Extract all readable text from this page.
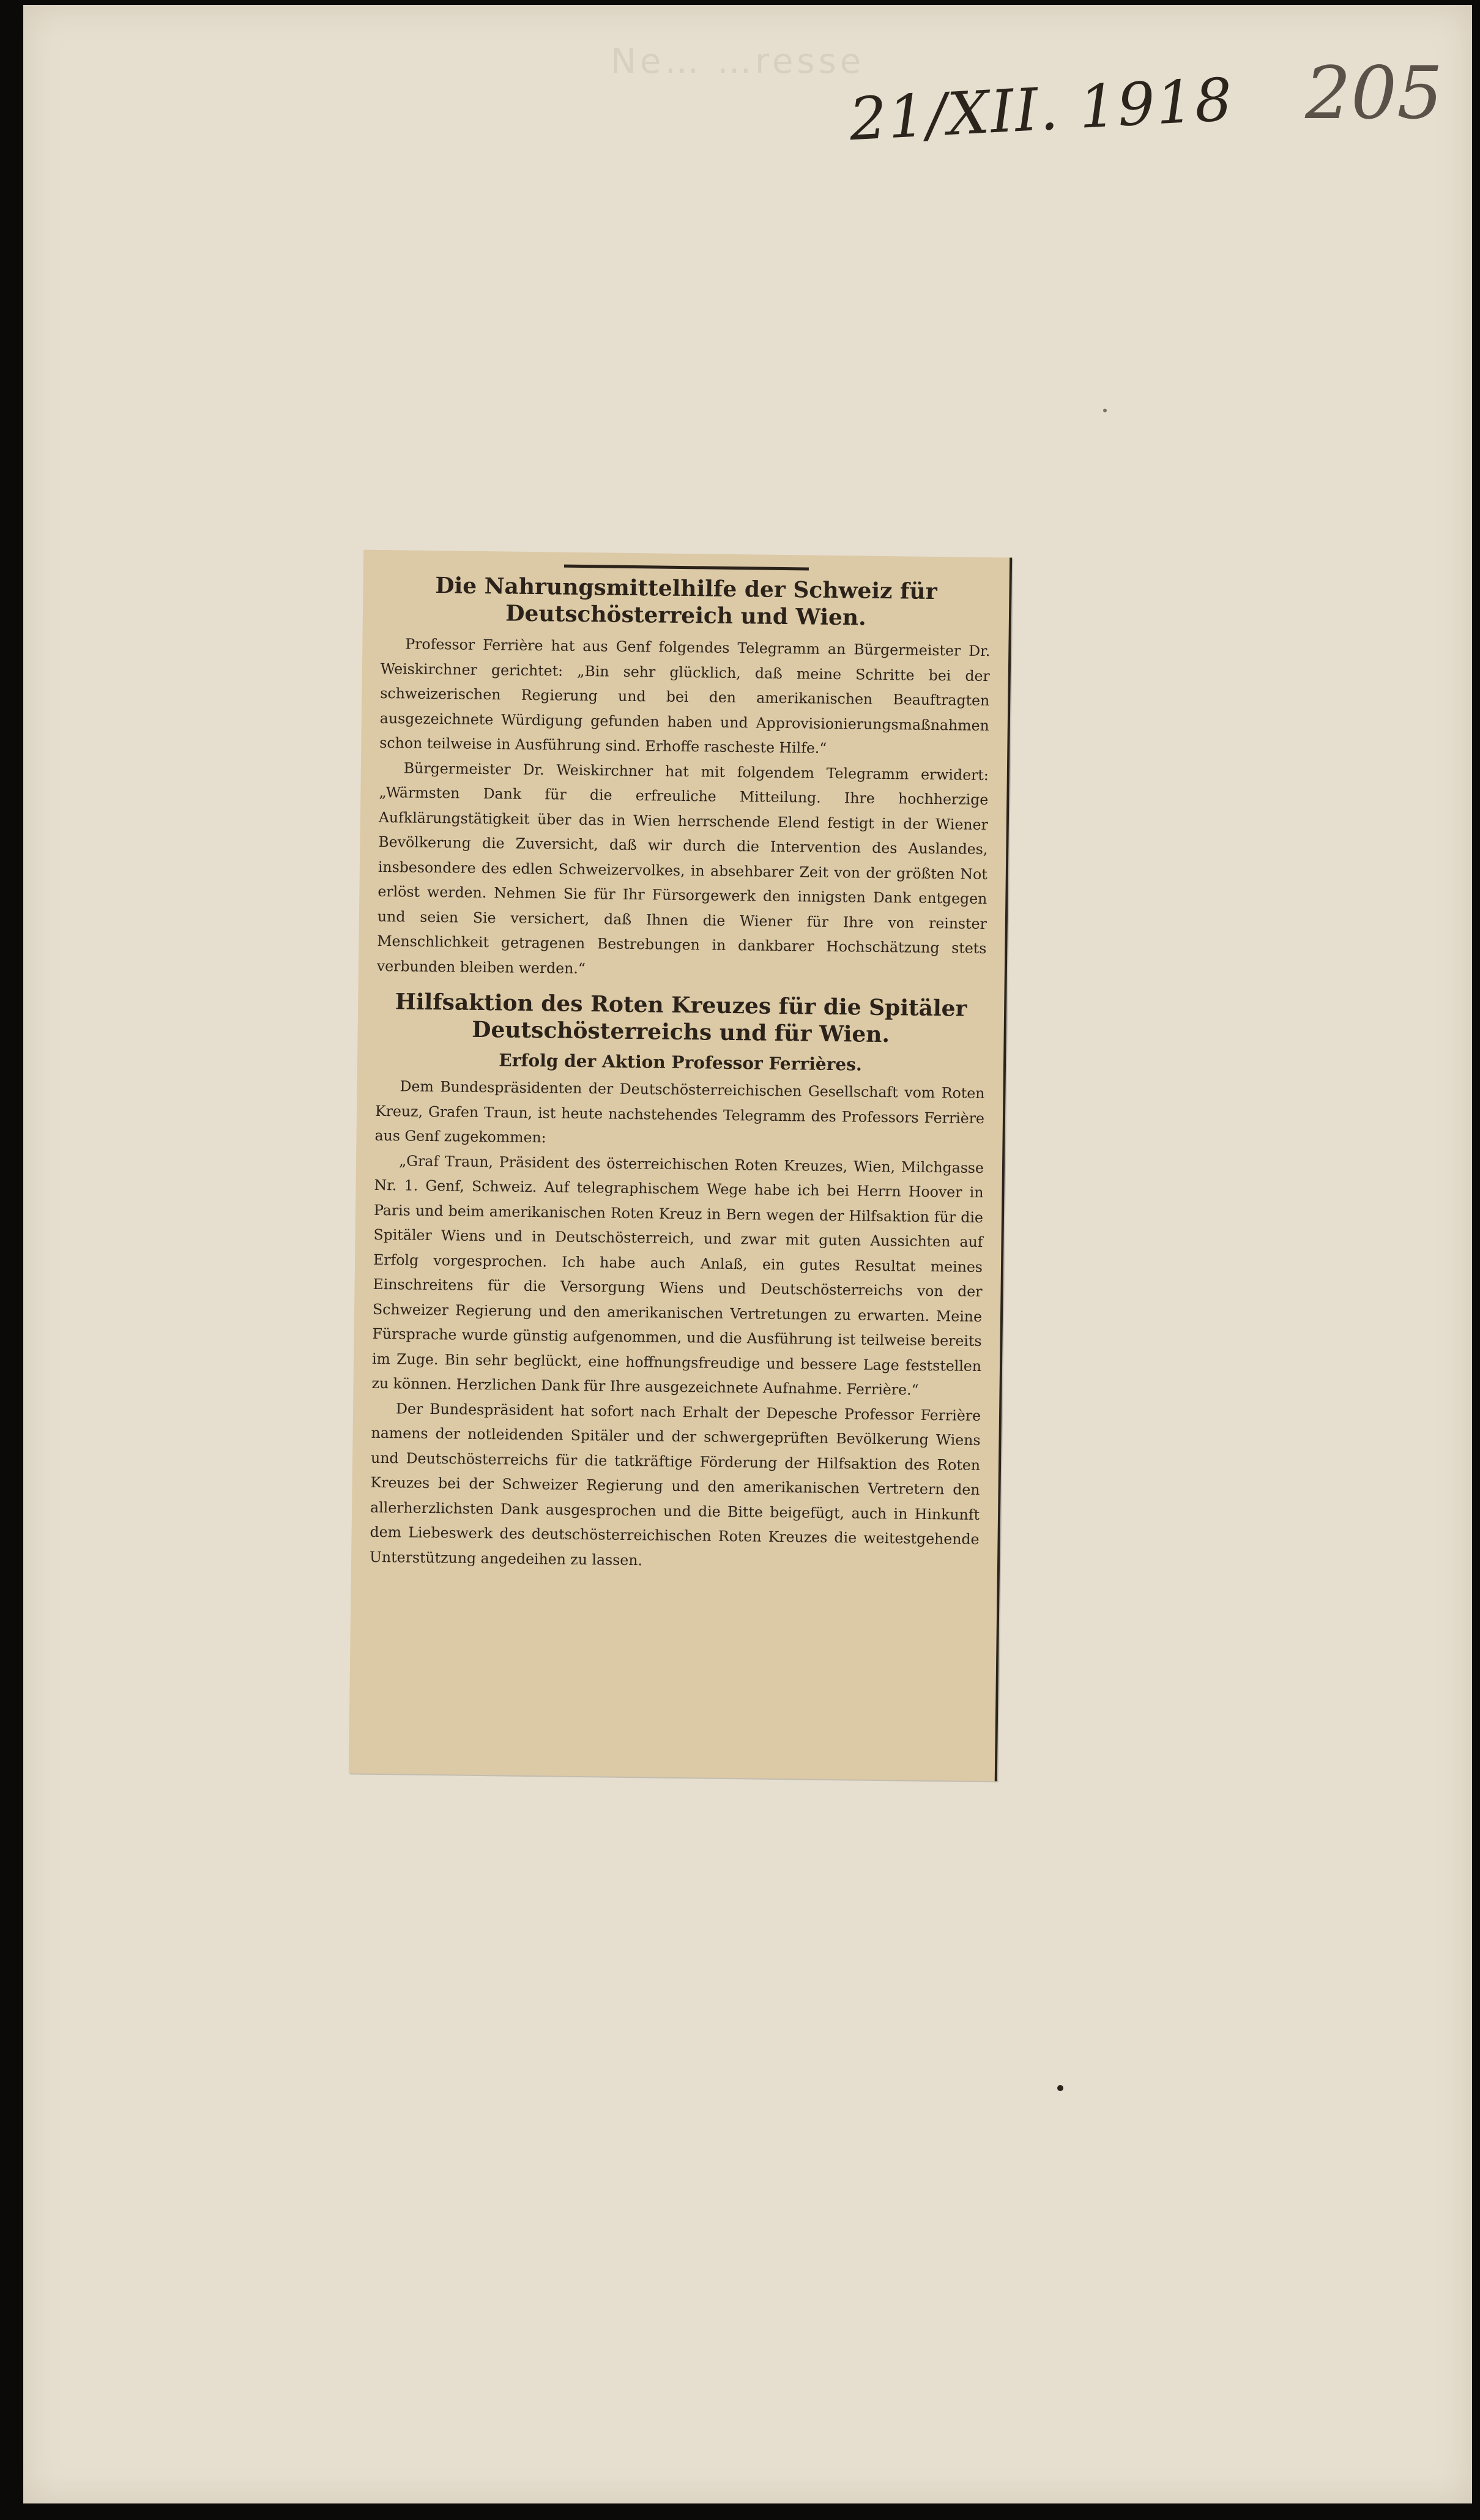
Ne… …resse
21/XII. 1918 205
Die Nahrungsmittelhilfe der Schweiz für
Deutschösterreich und Wien.

Professor Ferrière hat aus Genf folgendes Telegramm an Bürgermeister Dr. Weiskirchner gerichtet: „Bin sehr glücklich, daß meine Schritte bei der schweizerischen Regierung und bei den amerikanischen Beauftragten ausgezeichnete Würdigung gefunden haben und Approvisionierungsmaßnahmen schon teilweise in Ausführung sind. Erhoffe rascheste Hilfe.“

Bürgermeister Dr. Weiskirchner hat mit folgendem Telegramm erwidert: „Wärmsten Dank für die erfreuliche Mitteilung. Ihre hochherzige Aufklärungstätigkeit über das in Wien herrschende Elend festigt in der Wiener Bevölkerung die Zuversicht, daß wir durch die Intervention des Auslandes, insbesondere des edlen Schweizervolkes, in absehbarer Zeit von der größten Not erlöst werden. Nehmen Sie für Ihr Fürsorgewerk den innigsten Dank entgegen und seien Sie versichert, daß Ihnen die Wiener für Ihre von reinster Menschlichkeit getragenen Bestrebungen in dankbarer Hochschätzung stets verbunden bleiben werden.“

Hilfsaktion des Roten Kreuzes für die Spitäler
Deutschösterreichs und für Wien.
Erfolg der Aktion Professor Ferrières.

Dem Bundespräsidenten der Deutschösterreichischen Gesellschaft vom Roten Kreuz, Grafen Traun, ist heute nachstehendes Telegramm des Professors Ferrière aus Genf zugekommen:

„Graf Traun, Präsident des österreichischen Roten Kreuzes, Wien, Milchgasse Nr. 1. Genf, Schweiz. Auf telegraphischem Wege habe ich bei Herrn Hoover in Paris und beim amerikanischen Roten Kreuz in Bern wegen der Hilfsaktion für die Spitäler Wiens und in Deutschösterreich, und zwar mit guten Aussichten auf Erfolg vorgesprochen. Ich habe auch Anlaß, ein gutes Resultat meines Einschreitens für die Versorgung Wiens und Deutschösterreichs von der Schweizer Regierung und den amerikanischen Vertretungen zu erwarten. Meine Fürsprache wurde günstig aufgenommen, und die Ausführung ist teilweise bereits im Zuge. Bin sehr beglückt, eine hoffnungsfreudige und bessere Lage feststellen zu können. Herzlichen Dank für Ihre ausgezeichnete Aufnahme. Ferrière.“

Der Bundespräsident hat sofort nach Erhalt der Depesche Professor Ferrière namens der notleidenden Spitäler und der schwergeprüften Bevölkerung Wiens und Deutschösterreichs für die tatkräftige Förderung der Hilfsaktion des Roten Kreuzes bei der Schweizer Regierung und den amerikanischen Vertretern den allerherzlichsten Dank ausgesprochen und die Bitte beigefügt, auch in Hinkunft dem Liebeswerk des deutschösterreichischen Roten Kreuzes die weitestgehende Unterstützung angedeihen zu lassen.
